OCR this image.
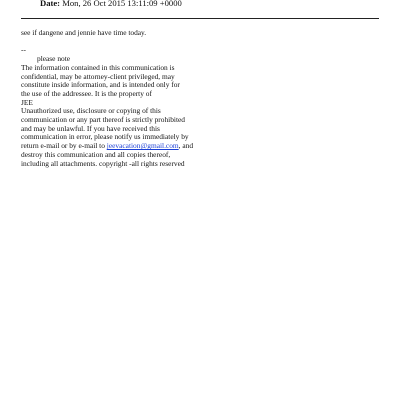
Date: Mon, 26 Oct 2015 13:11:09 +0000
see if dangene and jennie have time today.
--
please note
The information contained in this communication is
confidential, may be attorney-client privileged, may
constitute inside information, and is intended only for
the use of the addressee. It is the property of
JEE
Unauthorized use, disclosure or copying of this
communication or any part thereof is strictly prohibited
and may be unlawful. If you have received this
communication in error, please notify us immediately by
return e-mail or by e-mail to jeevacation@gmail.com, and
destroy this communication and all copies thereof,
including all attachments. copyright -all rights reserved
